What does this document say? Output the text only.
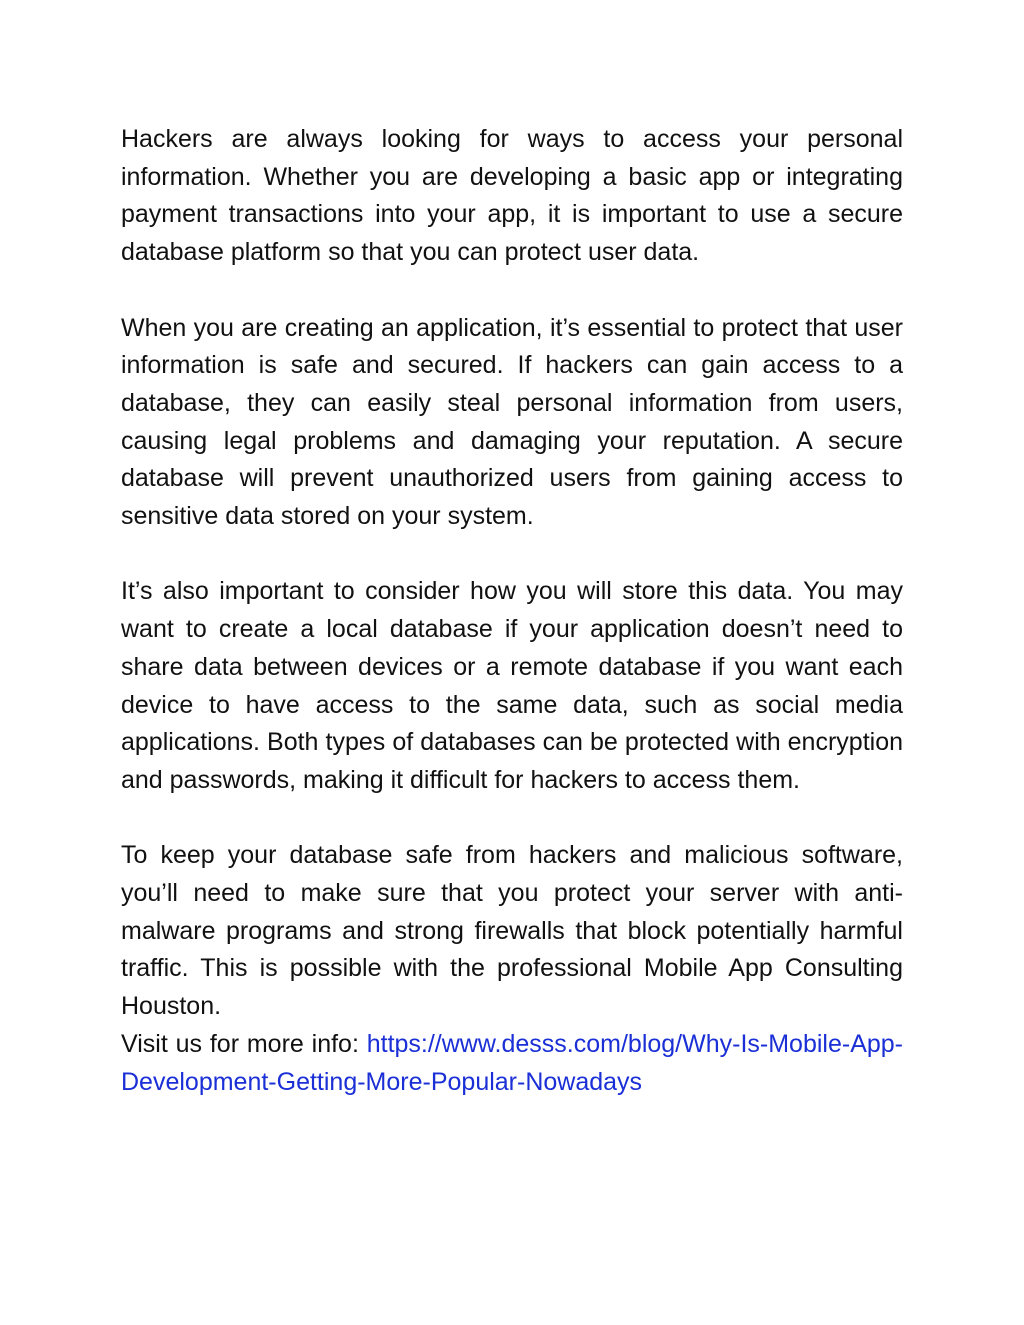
Hackers are always looking for ways to access your personal information. Whether you are developing a basic app or integrating payment transactions into your app, it is important to use a secure database platform so that you can protect user data.

When you are creating an application, it’s essential to protect that user information is safe and secured. If hackers can gain access to a database, they can easily steal personal information from users, causing legal problems and damaging your reputation. A secure database will prevent unauthorized users from gaining access to sensitive data stored on your system.

It’s also important to consider how you will store this data. You may want to create a local database if your application doesn’t need to share data between devices or a remote database if you want each device to have access to the same data, such as social media applications. Both types of databases can be protected with encryption and passwords, making it difficult for hackers to access them.

To keep your database safe from hackers and malicious software, you’ll need to make sure that you protect your server with anti-malware programs and strong firewalls that block potentially harmful traffic. This is possible with the professional Mobile App Consulting Houston.

Visit us for more info: https://www.desss.com/blog/Why-Is-Mobile-App-Development-Getting-More-Popular-Nowadays
